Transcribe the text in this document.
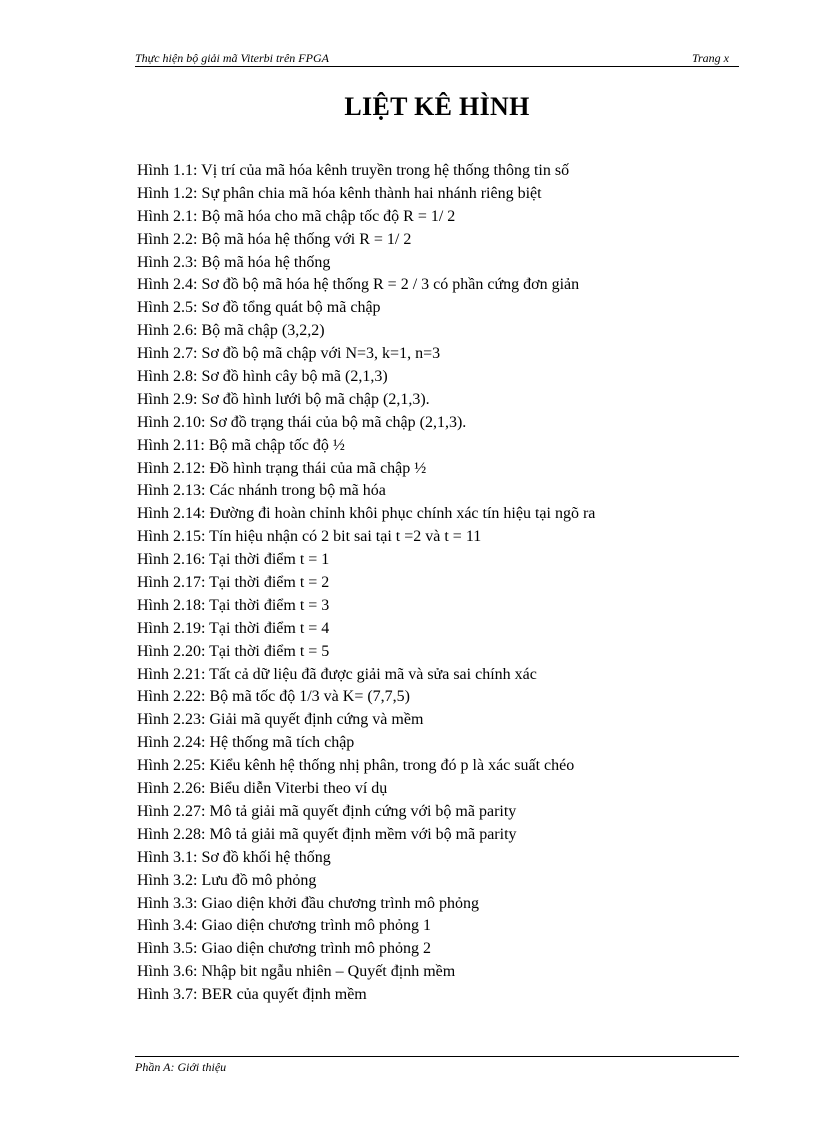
Thực hiện bộ giải mã Viterbi trên FPGA	Trang x
LIỆT KÊ HÌNH
Hình 1.1: Vị trí của mã hóa kênh truyền trong hệ thống thông tin số
Hình 1.2: Sự phân chia mã hóa kênh thành hai nhánh riêng biệt
Hình 2.1: Bộ mã hóa cho mã chập tốc độ R = 1/ 2
Hình 2.2: Bộ mã hóa hệ thống với R = 1/ 2
Hình 2.3: Bộ mã hóa hệ thống
Hình 2.4: Sơ đồ bộ mã hóa hệ thống R = 2 / 3 có phần cứng đơn giản
Hình 2.5: Sơ đồ tổng quát bộ mã chập
Hình 2.6: Bộ mã chập (3,2,2)
Hình 2.7: Sơ đồ bộ mã chập với N=3, k=1, n=3
Hình 2.8: Sơ đồ hình cây bộ mã (2,1,3)
Hình 2.9: Sơ đồ hình lưới bộ mã chập (2,1,3).
Hình 2.10: Sơ đồ trạng thái của bộ mã chập (2,1,3).
Hình 2.11: Bộ mã chập tốc độ ½
Hình 2.12: Đồ hình trạng thái của mã chập ½
Hình 2.13: Các nhánh trong bộ mã hóa
Hình 2.14: Đường đi hoàn chỉnh khôi phục chính xác tín hiệu tại ngõ ra
Hình 2.15: Tín hiệu nhận có 2 bit sai tại t =2 và t = 11
Hình 2.16: Tại thời điểm t = 1
Hình 2.17: Tại thời điểm t = 2
Hình 2.18: Tại thời điểm t = 3
Hình 2.19: Tại thời điểm t = 4
Hình 2.20: Tại thời điểm t = 5
Hình 2.21: Tất cả dữ liệu đã được giải mã và sửa sai chính xác
Hình 2.22: Bộ mã tốc độ 1/3 và K= (7,7,5)
Hình 2.23: Giải mã quyết định cứng và mềm
Hình 2.24: Hệ thống mã tích chập
Hình 2.25: Kiểu kênh hệ thống nhị phân, trong đó p là xác suất chéo
Hình 2.26: Biểu diễn Viterbi theo ví dụ
Hình 2.27: Mô tả giải mã quyết định cứng với bộ mã parity
Hình 2.28: Mô tả giải mã quyết định mềm với bộ mã parity
Hình 3.1: Sơ đồ khối hệ thống
Hình 3.2: Lưu đồ mô phỏng
Hình 3.3: Giao diện khởi đầu chương trình mô phỏng
Hình 3.4: Giao diện chương trình mô phỏng 1
Hình 3.5: Giao diện chương trình mô phỏng 2
Hình 3.6: Nhập bit ngẫu nhiên – Quyết định mềm
Hình 3.7: BER của quyết định mềm
Phần A: Giới thiệu
